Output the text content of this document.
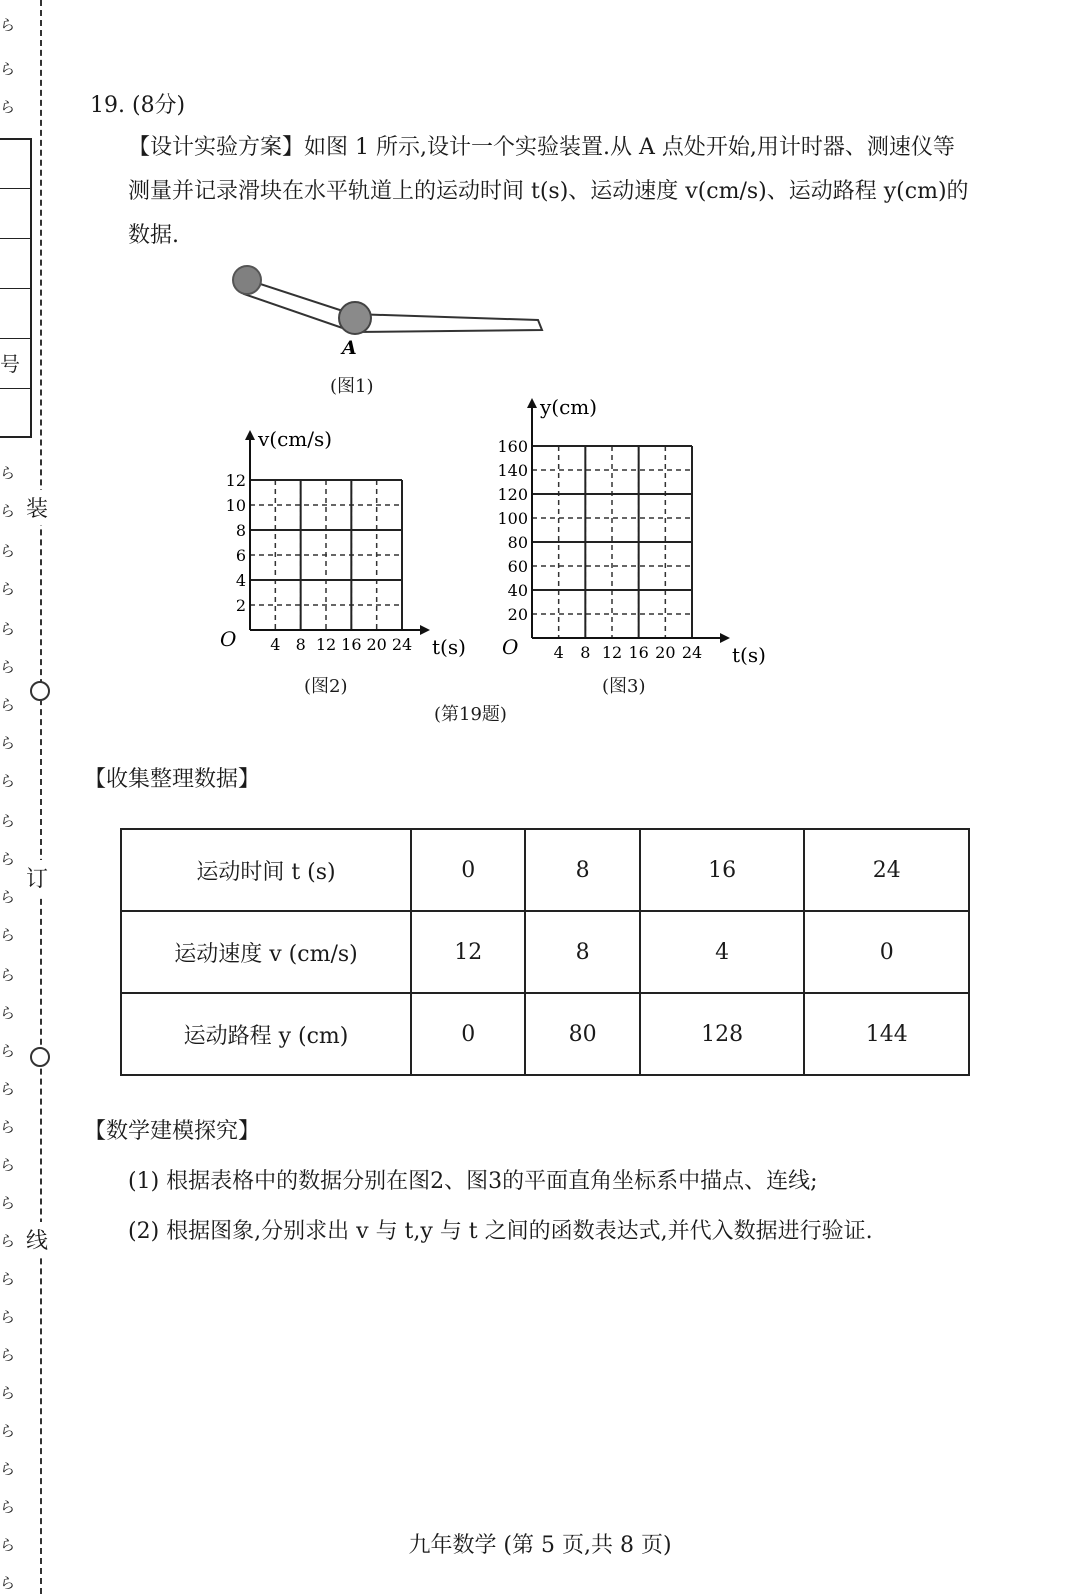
号
ら
ら
ら
ら
ら
ら
ら
ら
ら
ら
ら
ら
ら
ら
ら
ら
ら
ら
ら
ら
ら
ら
ら
ら
ら
ら
ら
ら
ら
ら
ら
ら
ら
装
订
线
19. (8分)
【设计实验方案】如图 1 所示,设计一个实验装置.从 A 点处开始,用计时器、测速仪等
测量并记录滑块在水平轨道上的运动时间 t(s)、运动速度 v(cm/s)、运动路程 y(cm)的
数据.
A
(图1)
4 8 12 16 20 24
2
4
6
8
10
12
v(cm/s)
t(s)
O
(图2)
4 8 12 16 20 24
20
40
60
80
100
120
140
160
y(cm)
t(s)
O
(图3)
(第19题)
【收集整理数据】
运动时间 t (s)	0	8	16	24
运动速度 v (cm/s)	12	8	4	0
运动路程 y (cm)	0	80	128	144
【数学建模探究】
(1) 根据表格中的数据分别在图2、图3的平面直角坐标系中描点、连线;
(2) 根据图象,分别求出 v 与 t,y 与 t 之间的函数表达式,并代入数据进行验证.
九年数学 (第 5 页,共 8 页)
